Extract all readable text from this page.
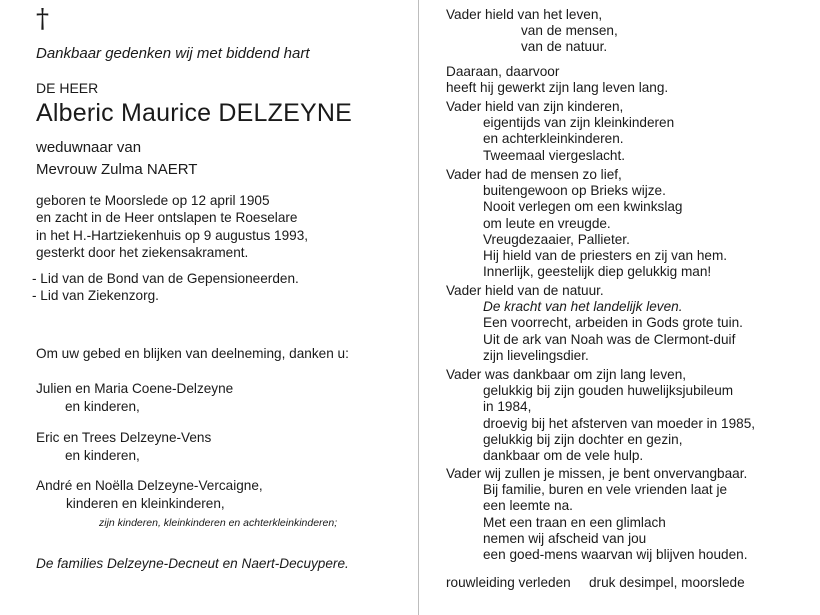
†
Dankbaar gedenken wij met biddend hart
DE HEER
Alberic Maurice DELZEYNE
weduwnaar van
Mevrouw Zulma NAERT
geboren te Moorslede op 12 april 1905
en zacht in de Heer ontslapen te Roeselare
in het H.-Hartziekenhuis op 9 augustus 1993,
gesterkt door het ziekensakrament.
- Lid van de Bond van de Gepensioneerden.
- Lid van Ziekenzorg.
Om uw gebed en blijken van deelneming, danken u:
Julien en Maria Coene-Delzeyne
en kinderen,
Eric en Trees Delzeyne-Vens
en kinderen,
André en Noëlla Delzeyne-Vercaigne,
kinderen en kleinkinderen,
zijn kinderen, kleinkinderen en achterkleinkinderen;
De families Delzeyne-Decneut en Naert-Decuypere.
Vader hield van het leven,
van de mensen,
van de natuur.
Daaraan, daarvoor
heeft hij gewerkt zijn lang leven lang.
Vader hield van zijn kinderen,
eigentijds van zijn kleinkinderen
en achterkleinkinderen.
Tweemaal viergeslacht.
Vader had de mensen zo lief,
buitengewoon op Brieks wijze.
Nooit verlegen om een kwinkslag
om leute en vreugde.
Vreugdezaaier, Pallieter.
Hij hield van de priesters en zij van hem.
Innerlijk, geestelijk diep gelukkig man!
Vader hield van de natuur.
De kracht van het landelijk leven.
Een voorrecht, arbeiden in Gods grote tuin.
Uit de ark van Noah was de Clermont-duif
zijn lievelingsdier.
Vader was dankbaar om zijn lang leven,
gelukkig bij zijn gouden huwelijksjubileum
in 1984,
droevig bij het afsterven van moeder in 1985,
gelukkig bij zijn dochter en gezin,
dankbaar om de vele hulp.
Vader wij zullen je missen, je bent onvervangbaar.
Bij familie, buren en vele vrienden laat je
een leemte na.
Met een traan en een glimlach
nemen wij afscheid van jou
een goed-mens waarvan wij blijven houden.
rouwleiding verleden druk desimpel, moorslede
